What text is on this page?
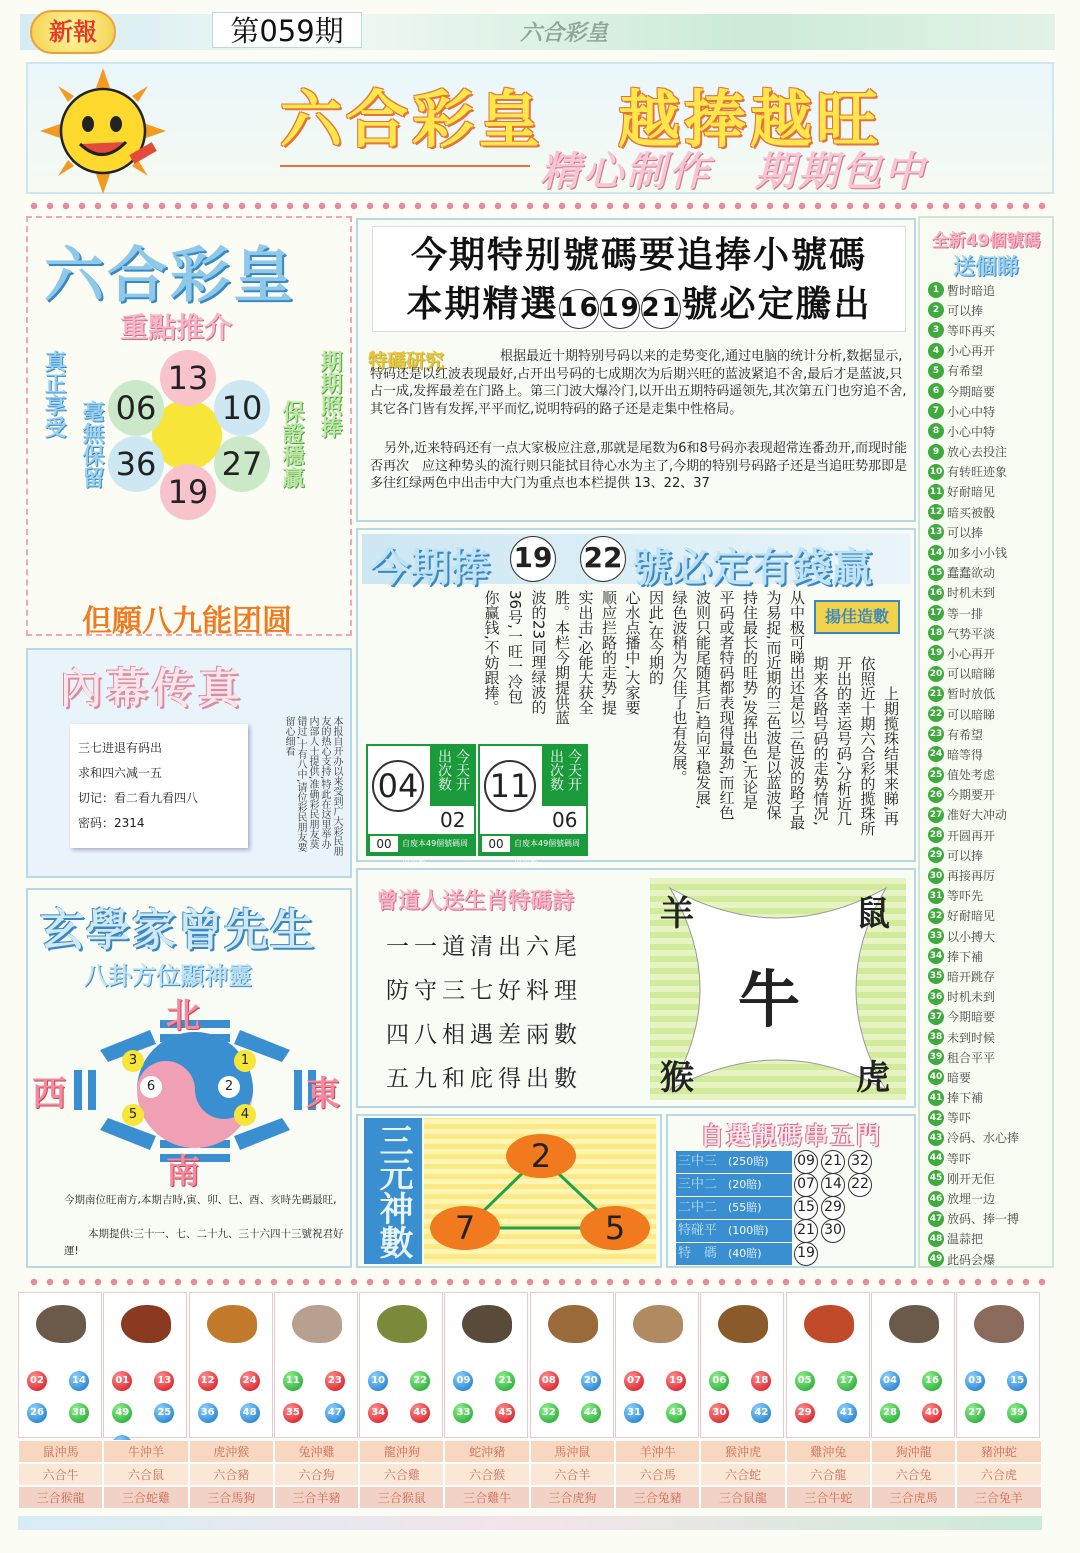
新報	第059期	六合彩皇
六合彩皇 越捧越旺
精心制作　期期包中
六合彩皇
重點推介
真正享受
毫無保留
期期照捧
保證穩贏
13
06 10
36 27
19
但願八九能团圆
今期特别號碼要追捧小號碼
本期精選161921號必定騰出
特碼研究	根据最近十期特别号码以来的走势变化,通过电脑的统计分析,数据显示,特码还是以红波表现最好,占开出号码的七成期次为后期兴旺的蓝波紧追不舍,最后才是蓝波,只占一成,发挥最差在门路上。第三门波大爆冷门,以开出五期特码遥领先,其次第五门也穷追不舍,其它各门皆有发挥,平平而忆,说明特码的路子还是走集中性格局。
另外,近来特码还有一点大家极应注意,那就是尾数为6和8号码亦表现超常连番劲开,而现时能否再次　应这种势头的流行则只能拭目待心水为主了,今期的特别号码路子还是当追旺势那即是多往红绿两色中出击中大门为重点也本栏提供 13、22、37
全新49個號碼
送個睇
1 暫时暗追
2 可以捧
3 等吓再买
4 小心再开
5 有希望
6 今期暗要
7 小心中特
8 小心中特
9 放心去投注
10 有转旺迹象
11 好耐暗见
12 暗买被骰
13 可以捧
14 加多小小钱
15 蠢蠢欲动
16 时机未到
17 等一排
18 气势平淡
19 小心再开
20 可以暗睇
21 暂时放低
22 可以暗睇
23 有希望
24 暗等得
25 值处考虑
26 今期要开
27 准好大冲动
28 开圆再开
29 可以捧
30 再接再厉
31 等吓先
32 好耐暗见
33 以小搏大
34 捧下補
35 暗开跳存
36 时机未到
37 今期暗要
38 未到时候
39 租合平平
40 暗要
41 捧下補
42 等吓
43 冷码、水心捧
44 等吓
45 刚开无佢
46 放埋一边
47 放码、捧一搏
48 温蒜把
49 此码会爆
內幕传真
三七进退有码出
求和四六减一五
切记：看二看九看四八
密码：2314	本报自开办以来受到广大彩民朋友的热心支持,特此在这里举办内部人士提供,准确彩民朋友莫错过,十有八中,请位彩民朋友要留心细看
今期捧 19 22 號必定有錢贏
揚佳造數
上期揽珠结果来睇,再
依照近十期六合彩的揽珠所
开出的幸运号码,分析近几
期来各路号码的走势情况,
从中极可睇出还是以三色波的路子最
为易捉,而近期的三色波是以蓝波保
持住最长的旺势,发挥出色,无论是
平码或者特码都表现得最劲,而红色
波则只能尾随其后,趋向平稳发展,
绿色波稍为欠佳了也有发展。
因此,在今期的
心水点播中,大家要
顺应拦路的走势,提
实出击,必能大获全
胜。本栏今期提供蓝
波的23同理绿波的
36号,一旺一冷包
你赢钱,不妨跟捧。
04	今天开出次数
02
自废本49個號碼周出次数
00
11	今天开出次数
06
自废本49個號碼周出次数
00
玄學家曾先生
八卦方位顯神靈
北
南
西	東
3	1
6	2
5	4
今期南位旺南方,本期吉時,寅、卯、巳、酉、亥時先碼最旺,
本期提供:三十一、七、二十九、三十六四十三號祝君好運!
曾道人送生肖特碼詩
一一道清出六尾
防守三七好料理
四八相遇差兩數
五九和庇得出數
羊	鼠
猴	虎
牛
三元神數	2
7	5
自選靚碼串五門
三中三 (250賠)	09 21 32
三中二 (20賠)	07 14 22
二中二 (55賠)	15 29
特碰平 (100賠)	21 30
特　碼 (40賠)	19
02	14
26	38
01	13
49	25
12	24
36	48
11	23
35	47
10	22
34	46
09	21
33	45
08	20
32	44
07	19
31	43
06	18
30	42
05	17
29	41
04	16
28	40
03	15
27	39
鼠沖馬	牛沖羊	虎沖猴	兔沖雞	龍沖狗	蛇沖豬	馬沖鼠	羊沖牛	猴沖虎	雞沖兔	狗沖龍	豬沖蛇
六合牛	六合鼠	六合豬	六合狗	六合雞	六合猴	六合羊	六合馬	六合蛇	六合龍	六合兔	六合虎
三合猴龍	三合蛇雞	三合馬狗	三合羊豬	三合猴鼠	三合雞牛	三合虎狗	三合兔豬	三合鼠龍	三合牛蛇	三合虎馬	三合兔羊
